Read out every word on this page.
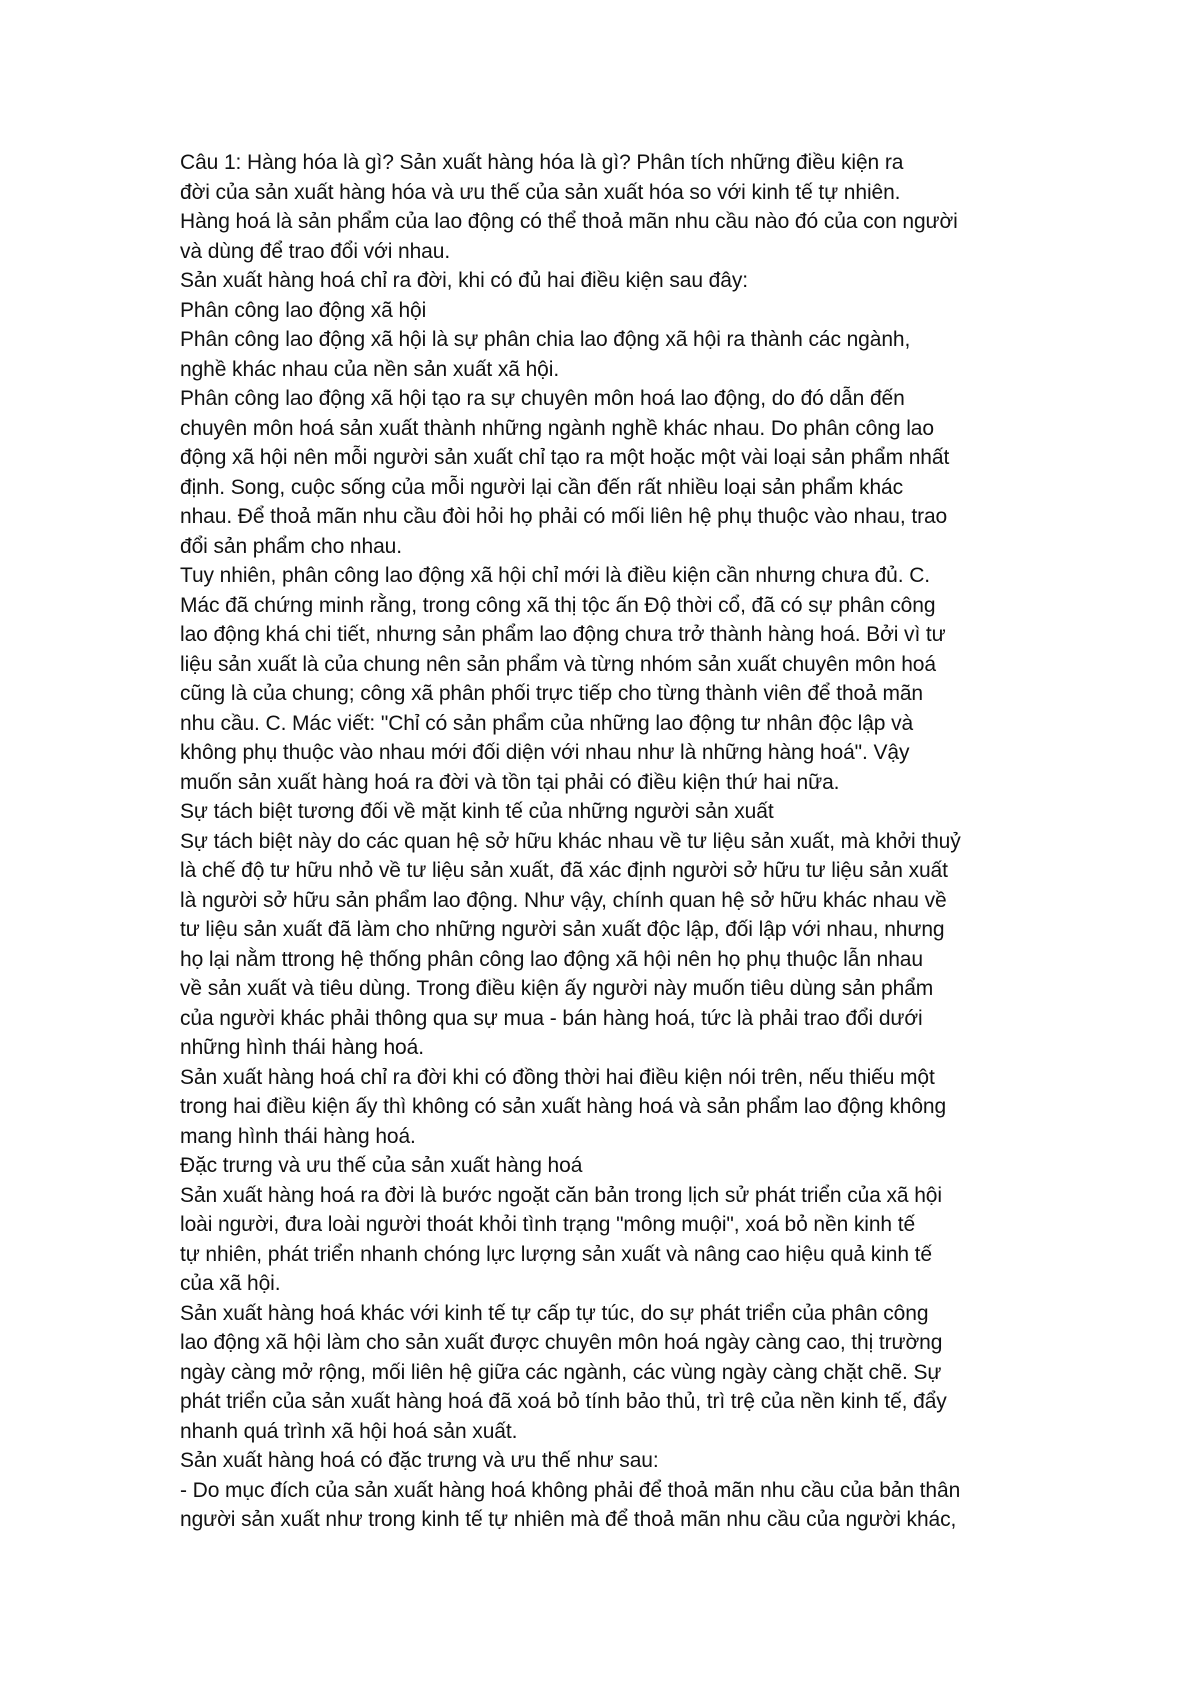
Câu 1: Hàng hóa là gì? Sản xuất hàng hóa là gì? Phân tích những điều kiện ra
đời của sản xuất hàng hóa và ưu thế của sản xuất hóa so với kinh tế tự nhiên.
Hàng hoá là sản phẩm của lao động có thể thoả mãn nhu cầu nào đó của con người
và dùng để trao đổi với nhau.
Sản xuất hàng hoá chỉ ra đời, khi có đủ hai điều kiện sau đây:
Phân công lao động xã hội
Phân công lao động xã hội là sự phân chia lao động xã hội ra thành các ngành,
nghề khác nhau của nền sản xuất xã hội.
Phân công lao động xã hội tạo ra sự chuyên môn hoá lao động, do đó dẫn đến
chuyên môn hoá sản xuất thành những ngành nghề khác nhau. Do phân công lao
động xã hội nên mỗi người sản xuất chỉ tạo ra một hoặc một vài loại sản phẩm nhất
định. Song, cuộc sống của mỗi người lại cần đến rất nhiều loại sản phẩm khác
nhau. Để thoả mãn nhu cầu đòi hỏi họ phải có mối liên hệ phụ thuộc vào nhau, trao
đổi sản phẩm cho nhau.
Tuy nhiên, phân công lao động xã hội chỉ mới là điều kiện cần nhưng chưa đủ. C.
Mác đã chứng minh rằng, trong công xã thị tộc ấn Độ thời cổ, đã có sự phân công
lao động khá chi tiết, nhưng sản phẩm lao động chưa trở thành hàng hoá. Bởi vì tư
liệu sản xuất là của chung nên sản phẩm và từng nhóm sản xuất chuyên môn hoá
cũng là của chung; công xã phân phối trực tiếp cho từng thành viên để thoả mãn
nhu cầu. C. Mác viết: "Chỉ có sản phẩm của những lao động tư nhân độc lập và
không phụ thuộc vào nhau mới đối diện với nhau như là những hàng hoá". Vậy
muốn sản xuất hàng hoá ra đời và tồn tại phải có điều kiện thứ hai nữa.
Sự tách biệt tương đối về mặt kinh tế của những người sản xuất
Sự tách biệt này do các quan hệ sở hữu khác nhau về tư liệu sản xuất, mà khởi thuỷ
là chế độ tư hữu nhỏ về tư liệu sản xuất, đã xác định người sở hữu tư liệu sản xuất
là người sở hữu sản phẩm lao động. Như vậy, chính quan hệ sở hữu khác nhau về
tư liệu sản xuất đã làm cho những người sản xuất độc lập, đối lập với nhau, nhưng
họ lại nằm ttrong hệ thống phân công lao động xã hội nên họ phụ thuộc lẫn nhau
về sản xuất và tiêu dùng. Trong điều kiện ấy người này muốn tiêu dùng sản phẩm
của người khác phải thông qua sự mua - bán hàng hoá, tức là phải trao đổi dưới
những hình thái hàng hoá.
Sản xuất hàng hoá chỉ ra đời khi có đồng thời hai điều kiện nói trên, nếu thiếu một
trong hai điều kiện ấy thì không có sản xuất hàng hoá và sản phẩm lao động không
mang hình thái hàng hoá.
Đặc trưng và ưu thế của sản xuất hàng hoá
Sản xuất hàng hoá ra đời là bước ngoặt căn bản trong lịch sử phát triển của xã hội
loài người, đưa loài người thoát khỏi tình trạng "mông muội", xoá bỏ nền kinh tế
tự nhiên, phát triển nhanh chóng lực lượng sản xuất và nâng cao hiệu quả kinh tế
của xã hội.
Sản xuất hàng hoá khác với kinh tế tự cấp tự túc, do sự phát triển của phân công
lao động xã hội làm cho sản xuất được chuyên môn hoá ngày càng cao, thị trường
ngày càng mở rộng, mối liên hệ giữa các ngành, các vùng ngày càng chặt chẽ. Sự
phát triển của sản xuất hàng hoá đã xoá bỏ tính bảo thủ, trì trệ của nền kinh tế, đẩy
nhanh quá trình xã hội hoá sản xuất.
Sản xuất hàng hoá có đặc trưng và ưu thế như sau:
- Do mục đích của sản xuất hàng hoá không phải để thoả mãn nhu cầu của bản thân
người sản xuất như trong kinh tế tự nhiên mà để thoả mãn nhu cầu của người khác,
